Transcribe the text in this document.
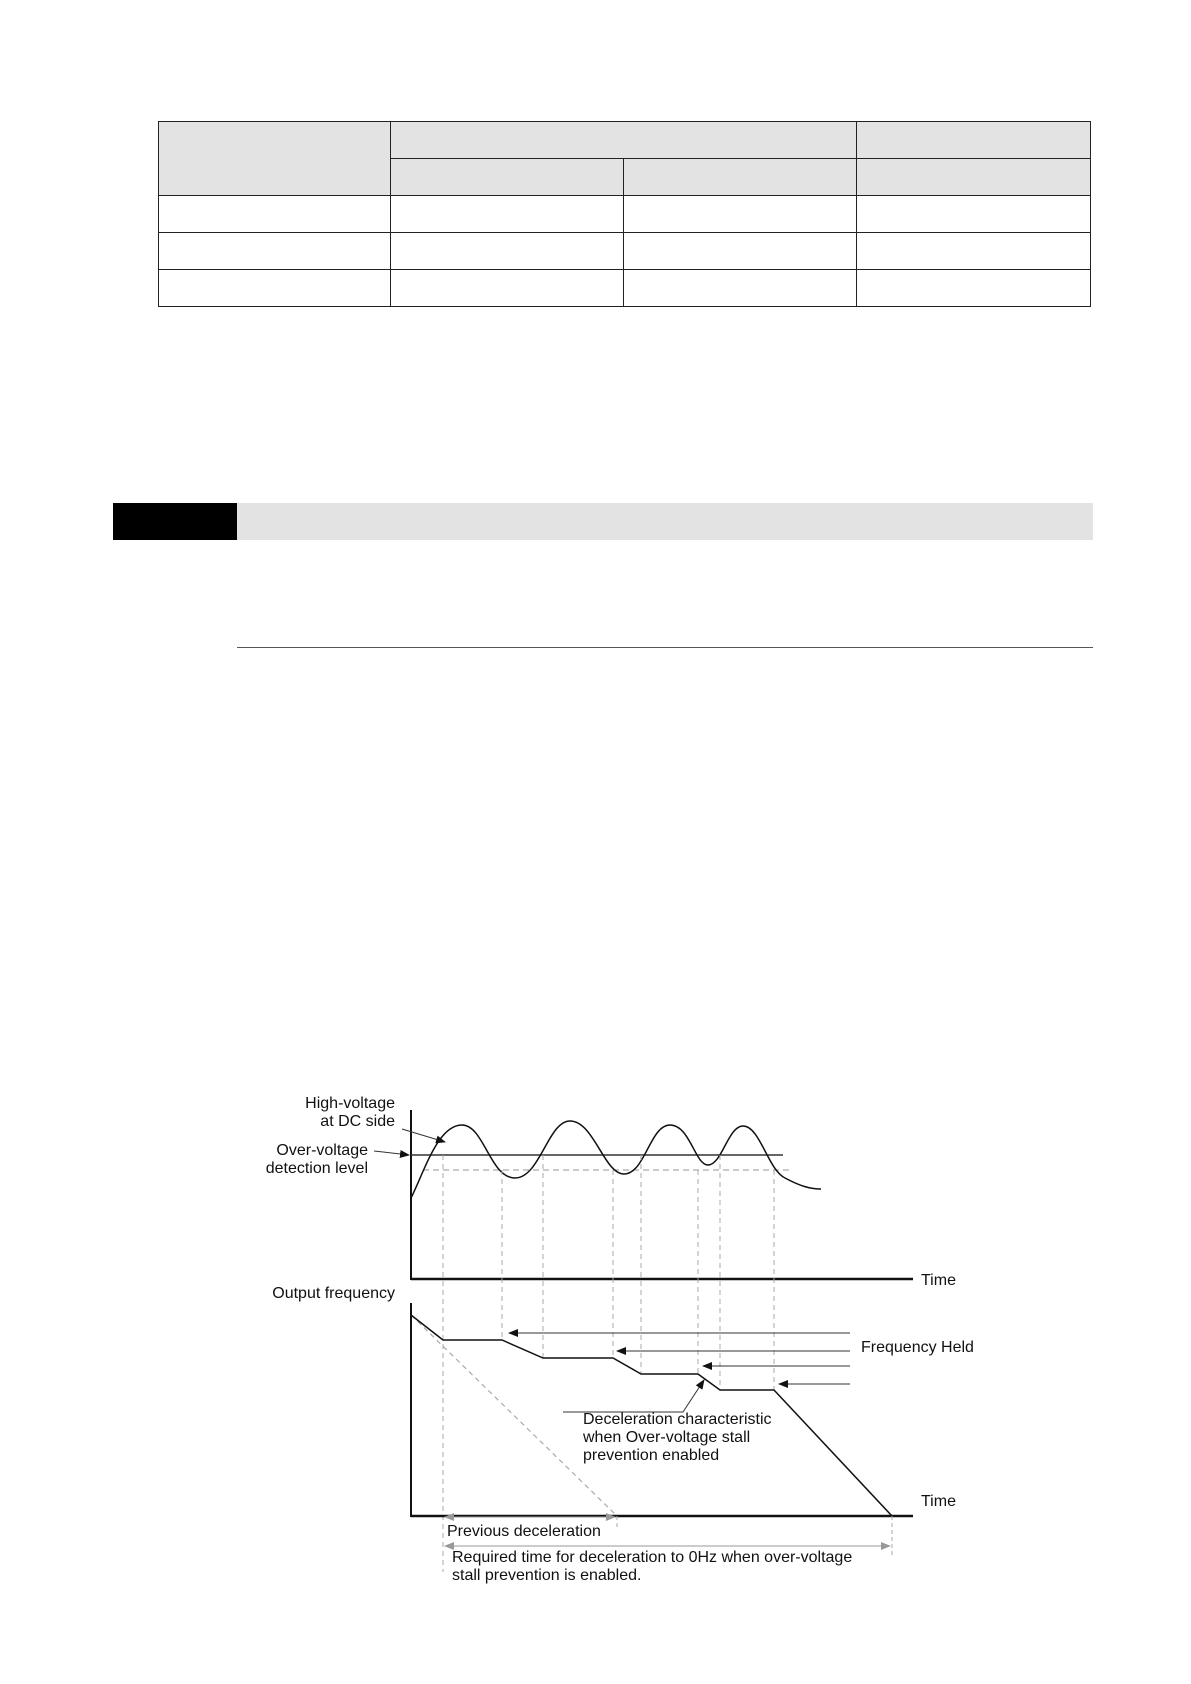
High-voltage
at DC side
Over-voltage
detection level
Time
Output frequency
Time
Frequency Held
Deceleration characteristic
when Over-voltage stall
prevention enabled
Previous deceleration
Required time for deceleration to 0Hz when over-voltage
stall prevention is enabled.
